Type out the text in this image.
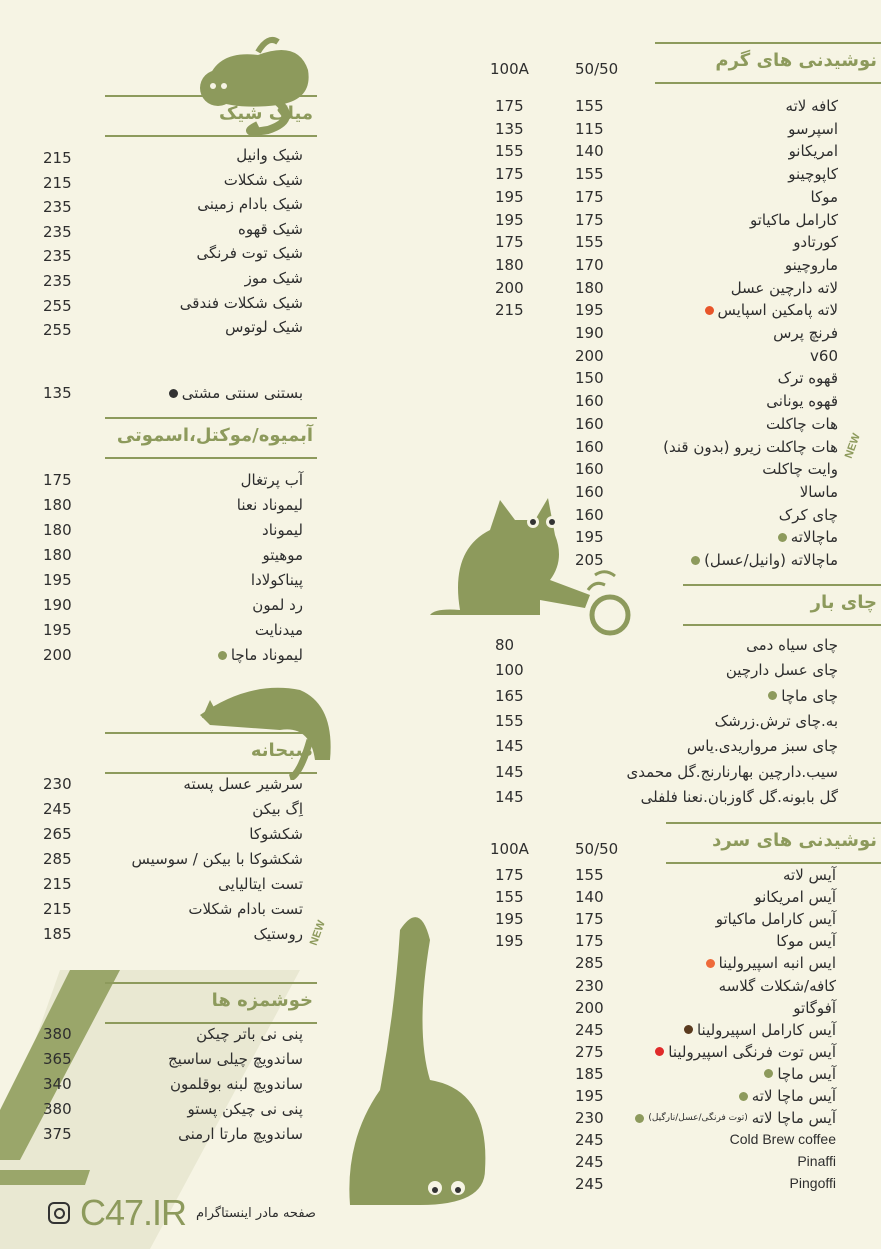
نوشیدنی های گرم
50/50
100A
کافه لاته
155
175
اسپرسو
115
135
امریکانو
140
155
کاپوچینو
155
175
موکا
175
195
کارامل ماکیاتو
175
195
کورتادو
155
175
ماروچینو
170
180
لاته دارچین عسل
180
200
لاته پامکین اسپایس
195
215
فرنچ پرس
190
v60
200
قهوه ترک
150
قهوه یونانی
160
هات چاکلت
160
هات چاکلت زیرو (بدون قند) NEW
160
وایت چاکلت
160
ماسالا
160
چای کرک
160
ماچالاته
195
ماچالاته (وانیل/عسل)
205
چای بار
چای سیاه دمی
80
چای عسل دارچین
100
چای ماچا
165
به.چای ترش.زرشک
155
چای سبز مرواریدی.یاس
145
سیب.دارچین بهارنارنج.گل محمدی
145
گل بابونه.گل گاوزبان.نعنا فلفلی
145
نوشیدنی های سرد
50/50
100A
آیس لاته
155
175
آیس امریکانو
140
155
آیس کارامل ماکیاتو
175
195
آیس موکا
175
195
ایس انبه اسپیرولینا
285
کافه/شکلات گلاسه
230
آفوگاتو
200
آیس کارامل اسپیرولینا
245
آیس توت فرنگی اسپیرولینا
275
آیس ماچا
185
آیس ماچا لاته
195
آیس ماچا لاته
(توت فرنگی/عسل/نارگیل)
230
Cold Brew coffee
245
Pinaffi
245
Pingoffi
245
میلک شیک
شیک وانیل
215
شیک شکلات
215
شیک بادام زمینی
235
شیک قهوه
235
شیک توت فرنگی
235
شیک موز
235
شیک شکلات فندقی
255
شیک لوتوس
255
بستنی سنتی مشتی
135
آبمیوه/موکتل،اسموتی
آب پرتغال
175
لیموناد نعنا
180
لیموناد
180
موهیتو
180
پیناکولادا
195
رد لمون
190
میدنایت
195
لیموناد ماچا
200
صبحانه
سرشیر عسل پسته
230
اِگ بیکن
245
شکشوکا
265
شکشوکا با بیکن / سوسیس
285
تست ایتالیایی
215
تست بادام شکلات
215
روستیک NEW
185
خوشمزه ها
پنی نی باتر چیکن
380
ساندویچ چیلی ساسیج
365
ساندویچ لبنه بوقلمون
340
پنی نی چیکن پستو
380
ساندویچ مارتا ارمنی
375
C47.IR صفحه مادر اینستاگرام
